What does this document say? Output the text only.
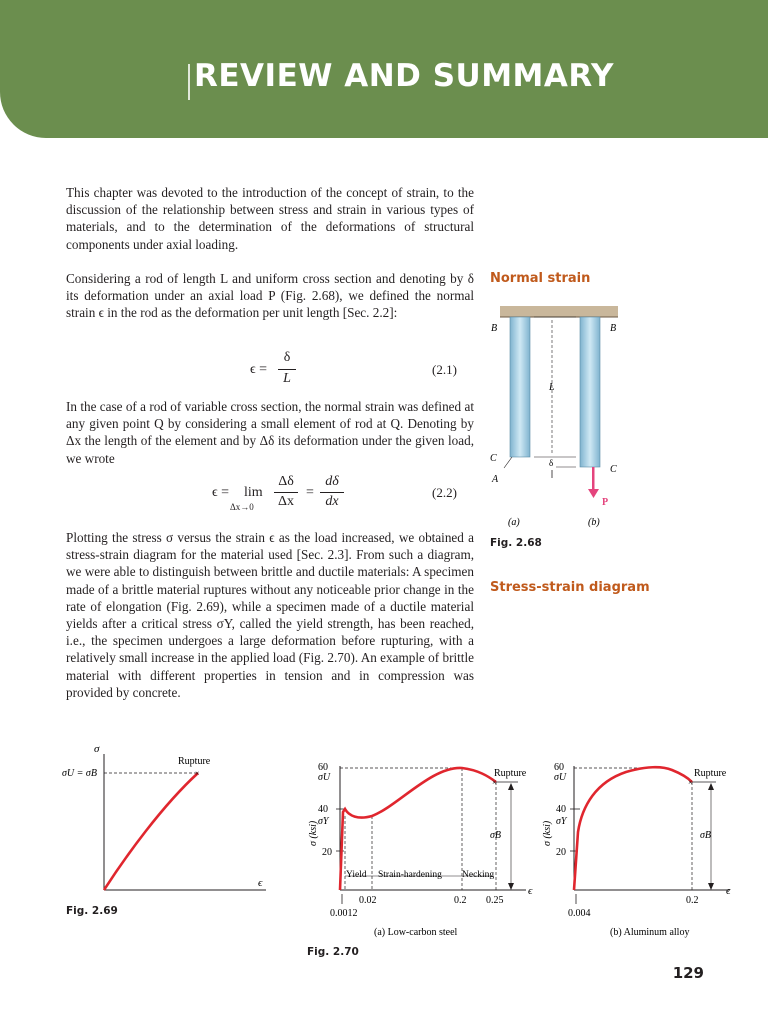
REVIEW AND SUMMARY

This chapter was devoted to the introduction of the concept of strain, to the discussion of the relationship between stress and strain in various types of materials, and to the determination of the deformations of structural components under axial loading.

Considering a rod of length L and uniform cross section and denoting by δ its deformation under an axial load P (Fig. 2.68), we defined the normal strain ϵ in the rod as the deformation per unit length [Sec. 2.2]:

ϵ =
δ
L
(2.1)

In the case of a rod of variable cross section, the normal strain was defined at any given point Q by considering a small element of rod at Q. Denoting by Δx the length of the element and by Δδ its deformation under the given load, we wrote

ϵ = lim
Δx→0
Δδ
Δx
=
dδ
dx
(2.2)

Plotting the stress σ versus the strain ϵ as the load increased, we obtained a stress-strain diagram for the material used [Sec. 2.3]. From such a diagram, we were able to distinguish between brittle and ductile materials: A specimen made of a brittle material ruptures without any noticeable prior change in the rate of elongation (Fig. 2.69), while a specimen made of a ductile material yields after a critical stress σY, called the yield strength, has been reached, i.e., the specimen undergoes a large deformation before rupturing, with a relatively small increase in the applied load (Fig. 2.70). An example of brittle material with different properties in tension and in compression was provided by concrete.

Normal strain
Stress-strain diagram
B	B
L
C
C
A
δ
P
(a)	(b)
Fig. 2.68
×
σ
σU = σB
Rupture
ϵ
Fig. 2.69
×
60
σU
40
σY
20
σ (ksi)
Rupture
σB
Yield Strain-hardening Necking
0.02	0.2 0.25
0.0012
ϵ
(a) Low-carbon steel
×
60
σU
40
σY
20
σ (ksi)
Rupture
σB
0.2
0.004
ϵ
(b) Aluminum alloy
Fig. 2.70
129
